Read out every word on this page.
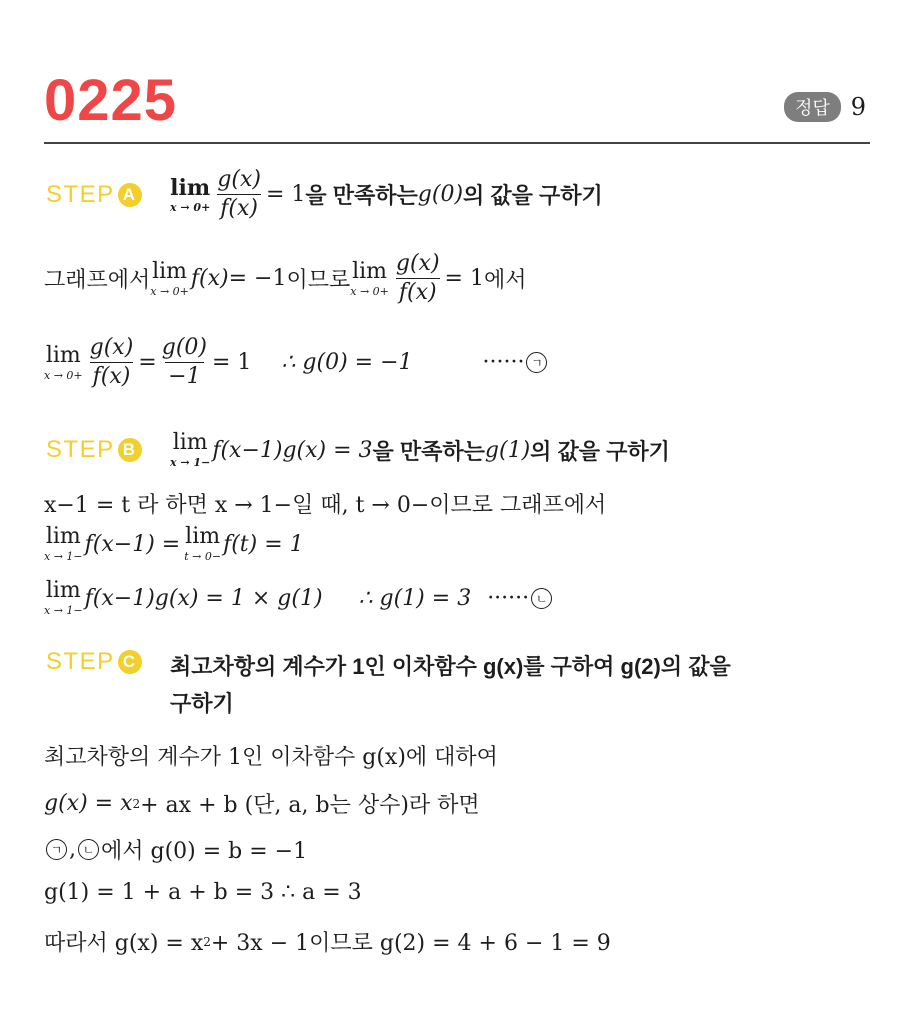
0225	정답 9
STEP A lim
$x \to 0+ \frac{g(x)}{f(x)} = 1$ 을 만족하는 g(0) 의 값을 구하기
그래프에서 lim
x → 0+ f(x) = −1 이므로 lim
$x \to 0+ \frac{g(x)}{f(x)} = 1$ 에서
lim
$x \to 0+ \frac{g(x)}{f(x)} = \frac{g(0)}{-1} = 1$ ∴ g(0) = −1	······ ㄱ
STEP B lim
x → 1− f(x−1)g(x) = 3 을 만족하는 g(1) 의 값을 구하기
x−1 = t 라 하면 x → 1−일 때, t → 0−이므로 그래프에서
lim
x → 1− f(x−1) = lim
t → 0− f(t) = 1
lim
x → 1− f(x−1)g(x) = 1 × g(1) ∴ g(1) = 3 ······ ㄴ
STEP C 최고차항의 계수가 1인 이차함수 g(x)를 구하여 g(2)의 값을
구하기
최고차항의 계수가 1인 이차함수 g(x)에 대하여
g(x) = x 2 + ax + b (단, a, b는 상수)라 하면
ㄱ , ㄴ 에서 g(0) = b = −1
g(1) = 1 + a + b = 3 ∴ a = 3
따라서 g(x) = x 2 + 3x − 1이므로 g(2) = 4 + 6 − 1 = 9
